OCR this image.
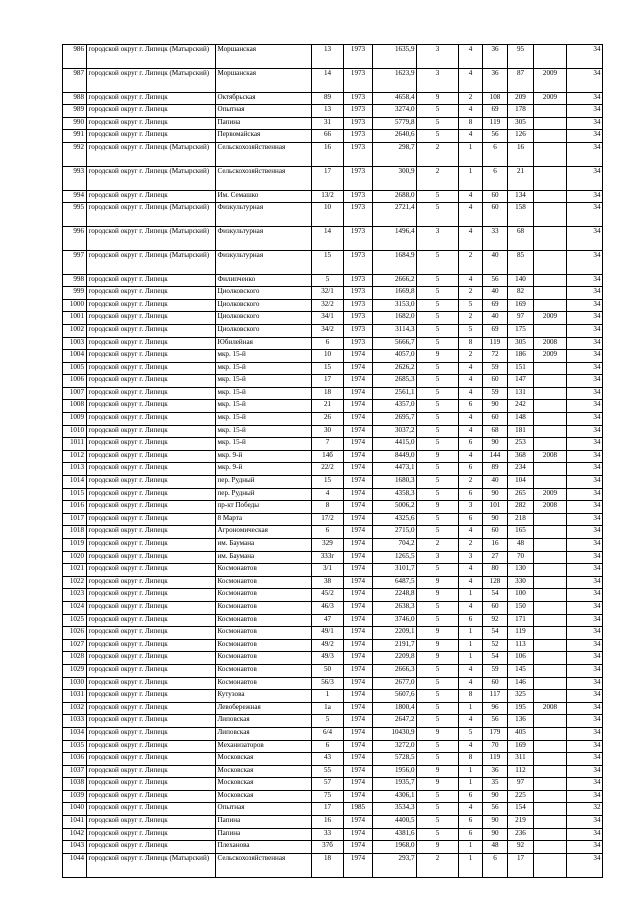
986	городской округ г. Липецк (Матырский)	Моршанская	13	1973	1635,9	3	4	36	95		34
987	городской округ г. Липецк (Матырский)	Моршанская	14	1973	1623,9	3	4	36	87	2009	34
988	городской округ г. Липецк	Октябрьская	89	1973	4658,4	9	2	108	209	2009	34
989	городской округ г. Липецк	Опытная	13	1973	3274,0	5	4	69	178		34
990	городской округ г. Липецк	Папина	31	1973	5779,8	5	8	119	305		34
991	городской округ г. Липецк	Первомайская	66	1973	2640,6	5	4	56	126		34
992	городской округ г. Липецк (Матырский)	Сельскохозяйственная	16	1973	298,7	2	1	6	16		34
993	городской округ г. Липецк (Матырский)	Сельскохозяйственная	17	1973	300,9	2	1	6	21		34
994	городской округ г. Липецк	Им. Семашко	13/2	1973	2688,0	5	4	60	134		34
995	городской округ г. Липецк (Матырский)	Физкультурная	10	1973	2721,4	5	4	60	158		34
996	городской округ г. Липецк (Матырский)	Физкультурная	14	1973	1496,4	3	4	33	68		34
997	городской округ г. Липецк (Матырский)	Физкультурная	15	1973	1684,9	5	2	40	85		34
998	городской округ г. Липецк	Филипченко	5	1973	2666,2	5	4	56	140		34
999	городской округ г. Липецк	Циолковского	32/1	1973	1669,8	5	2	40	82		34
1000	городской округ г. Липецк	Циолковского	32/2	1973	3153,0	5	5	69	169		34
1001	городской округ г. Липецк	Циолковского	34/1	1973	1682,0	5	2	40	97	2009	34
1002	городской округ г. Липецк	Циолковского	34/2	1973	3114,3	5	5	69	175		34
1003	городской округ г. Липецк	Юбилейная	6	1973	5666,7	5	8	119	305	2008	34
1004	городской округ г. Липецк	мкр. 15-й	10	1974	4057,0	9	2	72	186	2009	34
1005	городской округ г. Липецк	мкр. 15-й	15	1974	2626,2	5	4	59	151		34
1006	городской округ г. Липецк	мкр. 15-й	17	1974	2685,3	5	4	60	147		34
1007	городской округ г. Липецк	мкр. 15-й	18	1974	2561,1	5	4	59	131		34
1008	городской округ г. Липецк	мкр. 15-й	21	1974	4357,0	5	6	90	242		34
1009	городской округ г. Липецк	мкр. 15-й	26	1974	2695,7	5	4	60	148		34
1010	городской округ г. Липецк	мкр. 15-й	30	1974	3037,2	5	4	68	181		34
1011	городской округ г. Липецк	мкр. 15-й	7	1974	4415,0	5	6	90	253		34
1012	городской округ г. Липецк	мкр. 9-й	14б	1974	8449,0	9	4	144	368	2008	34
1013	городской округ г. Липецк	мкр. 9-й	22/2	1974	4473,1	5	6	89	234		34
1014	городской округ г. Липецк	пер. Рудный	15	1974	1680,3	5	2	40	104		34
1015	городской округ г. Липецк	пер. Рудный	4	1974	4358,3	5	6	90	265	2009	34
1016	городской округ г. Липецк	пр-кт Победы	8	1974	5006,2	9	3	101	282	2008	34
1017	городской округ г. Липецк	8 Марта	17/2	1974	4325,6	5	6	90	218		34
1018	городской округ г. Липецк	Агрономическая	6	1974	2715,0	5	4	60	165		34
1019	городской округ г. Липецк	им. Баумана	329	1974	704,2	2	2	16	48		34
1020	городской округ г. Липецк	им. Баумана	333г	1974	1265,5	3	3	27	70		34
1021	городской округ г. Липецк	Космонавтов	3/1	1974	3101,7	5	4	80	130		34
1022	городской округ г. Липецк	Космонавтов	38	1974	6487,5	9	4	128	330		34
1023	городской округ г. Липецк	Космонавтов	45/2	1974	2248,8	9	1	54	100		34
1024	городской округ г. Липецк	Космонавтов	46/3	1974	2638,3	5	4	60	150		34
1025	городской округ г. Липецк	Космонавтов	47	1974	3746,0	5	6	92	171		34
1026	городской округ г. Липецк	Космонавтов	49/1	1974	2209,1	9	1	54	119		34
1027	городской округ г. Липецк	Космонавтов	49/2	1974	2191,7	9	1	52	113		34
1028	городской округ г. Липецк	Космонавтов	49/3	1974	2209,8	9	1	54	106		34
1029	городской округ г. Липецк	Космонавтов	50	1974	2666,3	5	4	59	145		34
1030	городской округ г. Липецк	Космонавтов	56/3	1974	2677,0	5	4	60	146		34
1031	городской округ г. Липецк	Кутузова	1	1974	5607,6	5	8	117	325		34
1032	городской округ г. Липецк	Левобережная	1а	1974	1800,4	5	1	96	195	2008	34
1033	городской округ г. Липецк	Липовская	5	1974	2647,2	5	4	56	136		34
1034	городской округ г. Липецк	Липовская	6/4	1974	10430,9	9	5	179	405		34
1035	городской округ г. Липецк	Механизаторов	6	1974	3272,0	5	4	70	169		34
1036	городской округ г. Липецк	Московская	43	1974	5728,5	5	8	119	311		34
1037	городской округ г. Липецк	Московская	55	1974	1956,0	9	1	36	112		34
1038	городской округ г. Липецк	Московская	57	1974	1935,7	9	1	35	97		34
1039	городской округ г. Липецк	Московская	75	1974	4306,1	5	6	90	225		34
1040	городской округ г. Липецк	Опытная	17	1985	3534,3	5	4	56	154		32
1041	городской округ г. Липецк	Папина	16	1974	4400,5	5	6	90	219		34
1042	городской округ г. Липецк	Папина	33	1974	4381,6	5	6	90	236		34
1043	городской округ г. Липецк	Плеханова	37б	1974	1968,0	9	1	48	92		34
1044	городской округ г. Липецк (Матырский)	Сельскохозяйственная	18	1974	293,7	2	1	6	17		34
